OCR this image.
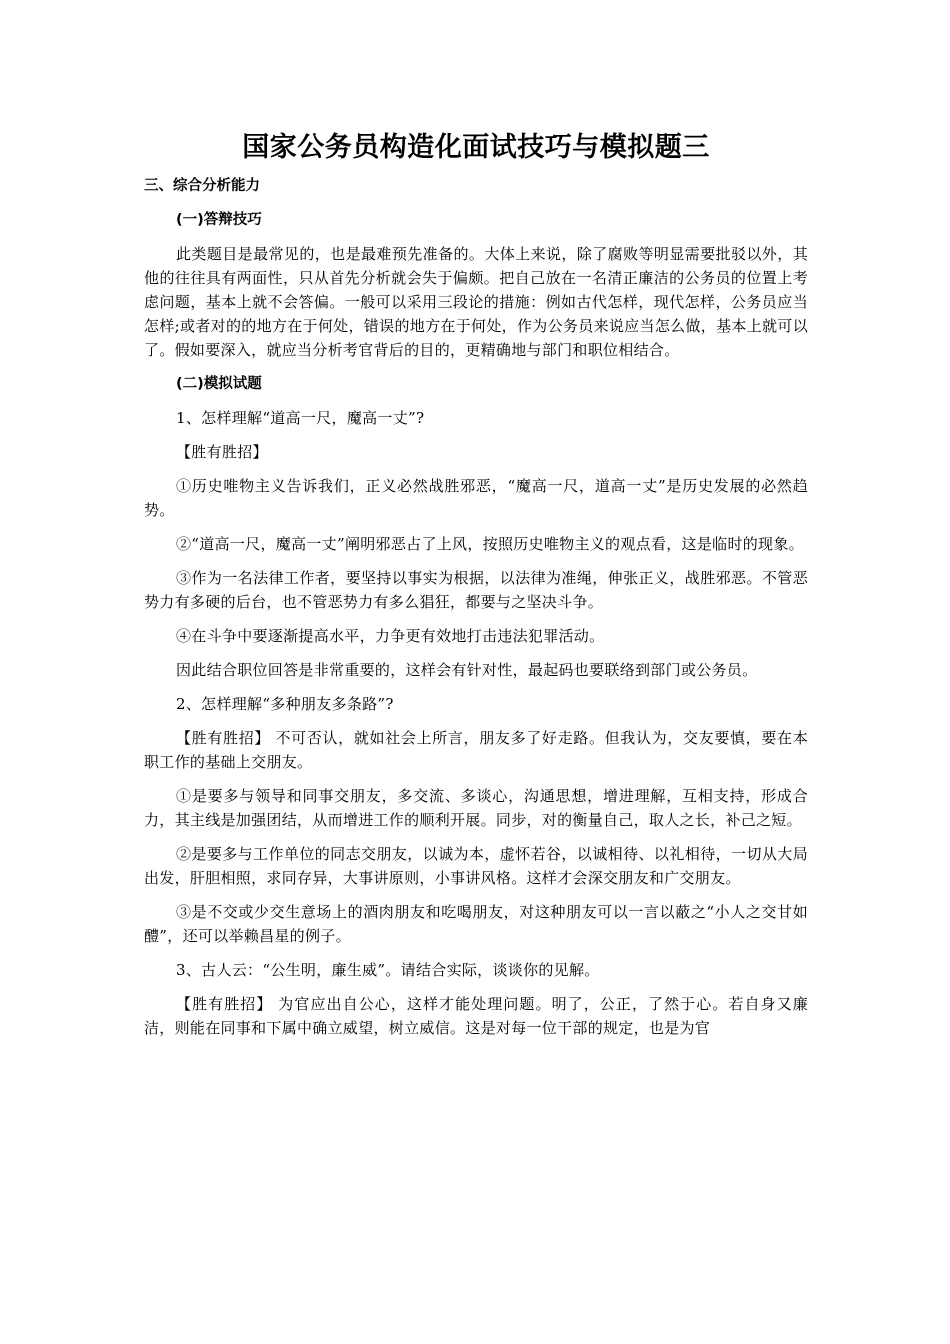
国家公务员构造化面试技巧与模拟题三
三、综合分析能力
(一)答辩技巧
此类题目是最常见的，也是最难预先准备的。大体上来说，除了腐败等明显需要批驳以外，其他的往往具有两面性，只从首先分析就会失于偏颇。把自己放在一名清正廉洁的公务员的位置上考虑问题，基本上就不会答偏。一般可以采用三段论的措施：例如古代怎样，现代怎样，公务员应当怎样;或者对的的地方在于何处，错误的地方在于何处，作为公务员来说应当怎么做，基本上就可以了。假如要深入，就应当分析考官背后的目的，更精确地与部门和职位相结合。
(二)模拟试题
1、怎样理解“道高一尺，魔高一丈”?
【胜有胜招】
①历史唯物主义告诉我们，正义必然战胜邪恶，“魔高一尺，道高一丈”是历史发展的必然趋势。
②“道高一尺，魔高一丈”阐明邪恶占了上风，按照历史唯物主义的观点看，这是临时的现象。
③作为一名法律工作者，要坚持以事实为根据，以法律为准绳，伸张正义，战胜邪恶。不管恶势力有多硬的后台，也不管恶势力有多么猖狂，都要与之坚决斗争。
④在斗争中要逐渐提高水平，力争更有效地打击违法犯罪活动。
因此结合职位回答是非常重要的，这样会有针对性，最起码也要联络到部门或公务员。
2、怎样理解“多种朋友多条路”?
【胜有胜招】 不可否认，就如社会上所言，朋友多了好走路。但我认为，交友要慎，要在本职工作的基础上交朋友。
①是要多与领导和同事交朋友，多交流、多谈心，沟通思想，增进理解，互相支持，形成合力，其主线是加强团结，从而增进工作的顺利开展。同步，对的衡量自己，取人之长，补己之短。
②是要多与工作单位的同志交朋友，以诚为本，虚怀若谷，以诚相待、以礼相待，一切从大局出发，肝胆相照，求同存异，大事讲原则，小事讲风格。这样才会深交朋友和广交朋友。
③是不交或少交生意场上的酒肉朋友和吃喝朋友，对这种朋友可以一言以蔽之“小人之交甘如醴”，还可以举赖昌星的例子。
3、古人云：“公生明，廉生威”。请结合实际，谈谈你的见解。
【胜有胜招】 为官应出自公心，这样才能处理问题。明了，公正，了然于心。若自身又廉洁，则能在同事和下属中确立威望，树立威信。这是对每一位干部的规定，也是为官
